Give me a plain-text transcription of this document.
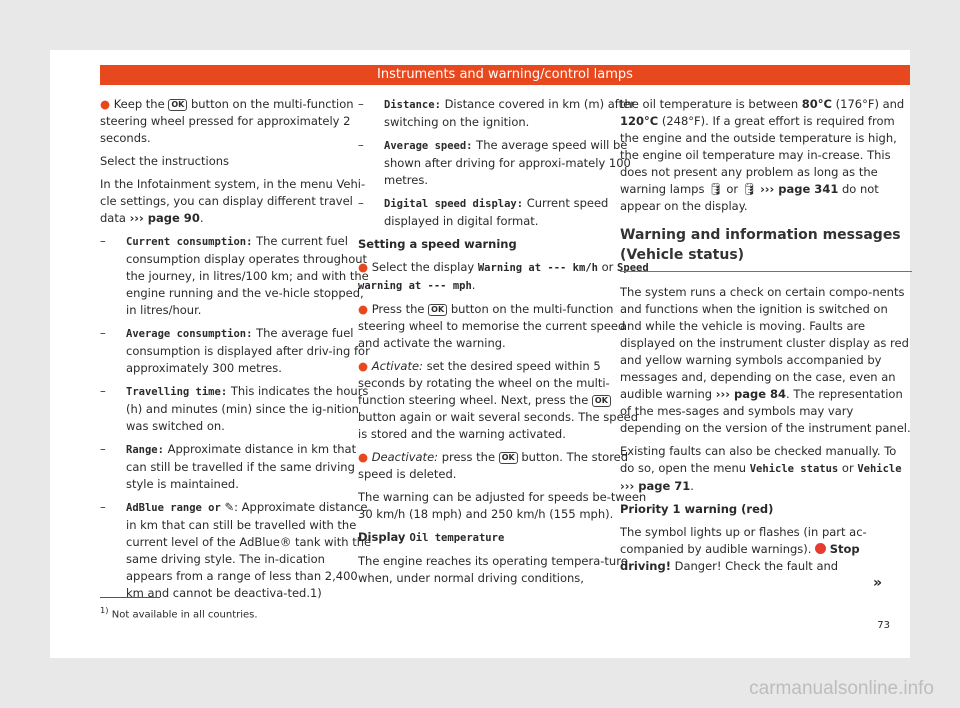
Instruments and warning/control lamps

● Keep the OK button on the multi-function steering wheel pressed for approximately 2 seconds.

Select the instructions

In the Infotainment system, in the menu Vehi-cle settings, you can display different travel data ››› page 90.

–	Current consumption: The current fuel consumption display operates throughout the journey, in litres/100 km; and with the engine running and the ve-hicle stopped, in litres/hour.
–	Average consumption: The average fuel consumption is displayed after driv-ing for approximately 300 metres.
–	Travelling time: This indicates the hours (h) and minutes (min) since the ig-nition was switched on.
–	Range: Approximate distance in km that can still be travelled if the same driving style is maintained.
–	AdBlue range or ✎: Approximate distance in km that can still be travelled with the current level of the AdBlue® tank with the same driving style. The in-dication appears from a range of less than 2,400 km and cannot be deactiva-ted.1)
–	Distance: Distance covered in km (m) after switching on the ignition.
–	Average speed: The average speed will be shown after driving for approxi-mately 100 metres.
–	Digital speed display: Current speed displayed in digital format.

Setting a speed warning

● Select the display Warning at --- km/h or Speed warning at --- mph.

● Press the OK button on the multi-function steering wheel to memorise the current speed and activate the warning.

● Activate: set the desired speed within 5 seconds by rotating the wheel on the multi-function steering wheel. Next, press the OK button again or wait several seconds. The speed is stored and the warning activated.

● Deactivate: press the OK button. The stored speed is deleted.

The warning can be adjusted for speeds be-tween 30 km/h (18 mph) and 250 km/h (155 mph).

Display Oil temperature

The engine reaches its operating tempera-ture when, under normal driving conditions,

the oil temperature is between 80°C (176°F) and 120°C (248°F). If a great effort is required from the engine and the outside temperature is high, the engine oil temperature may in-crease. This does not present any problem as long as the warning lamps 🛢 or 🛢 ››› page 341 do not appear on the display.

Warning and information messages (Vehicle status)

The system runs a check on certain compo-nents and functions when the ignition is switched on and while the vehicle is moving. Faults are displayed on the instrument cluster display as red and yellow warning symbols accompanied by messages and, depending on the case, even an audible warning ››› page 84. The representation of the mes-sages and symbols may vary depending on the version of the instrument panel.

Existing faults can also be checked manually. To do so, open the menu Vehicle status or Vehicle ››› page 71.

Priority 1 warning (red)

The symbol lights up or flashes (in part ac-companied by audible warnings). Stop driving! Danger! Check the fault and

»
$^{1)}$ Not available in all countries.
73
carmanualsonline.info
